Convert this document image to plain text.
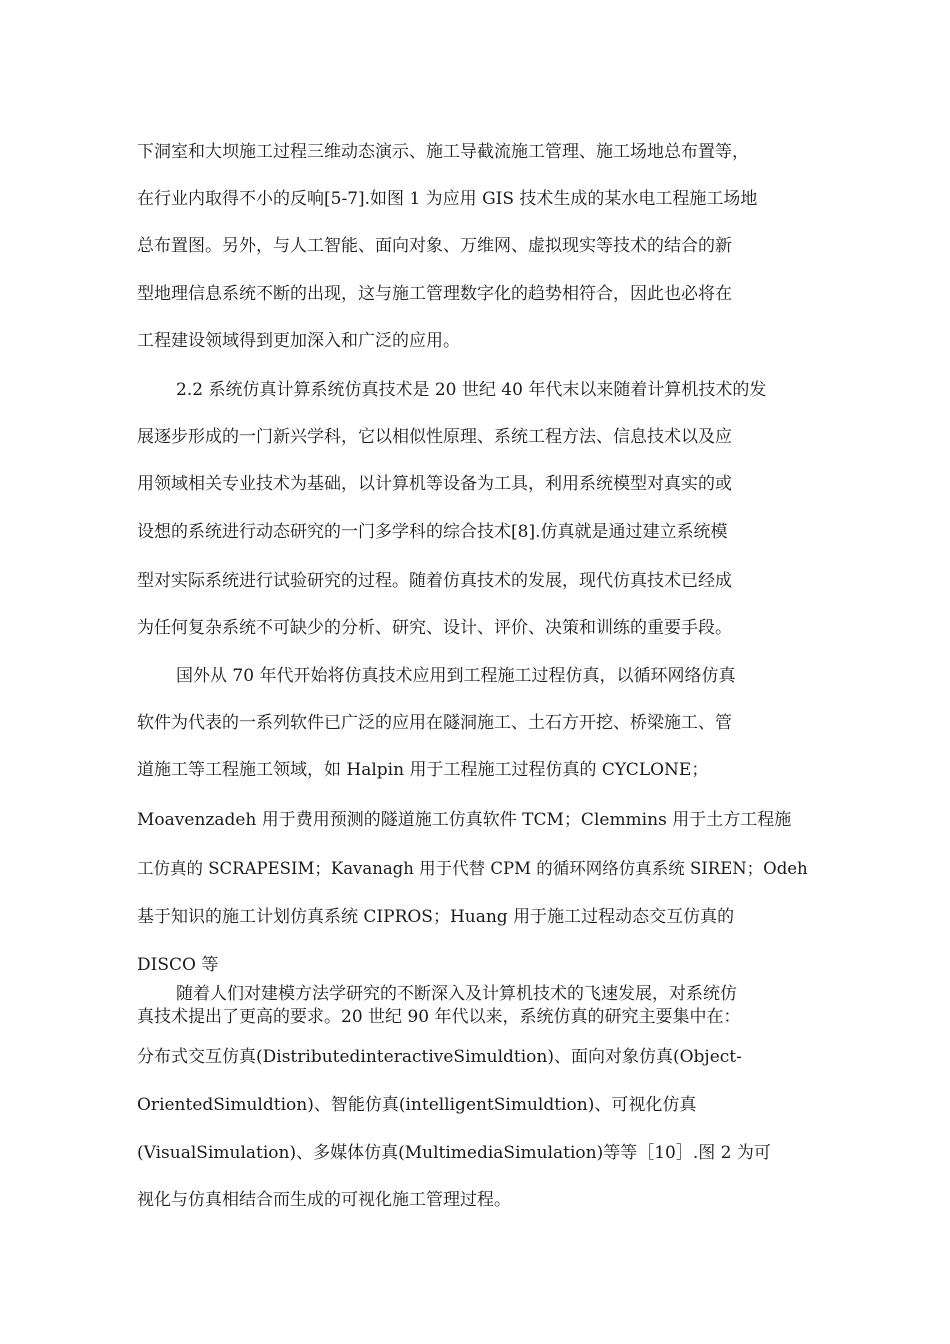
下洞室和大坝施工过程三维动态演示、施工导截流施工管理、施工场地总布置等，
在行业内取得不小的反响[5-7].如图 1 为应用 GIS 技术生成的某水电工程施工场地
总布置图。另外，与人工智能、面向对象、万维网、虚拟现实等技术的结合的新
型地理信息系统不断的出现，这与施工管理数字化的趋势相符合，因此也必将在
工程建设领域得到更加深入和广泛的应用。
2.2 系统仿真计算系统仿真技术是 20 世纪 40 年代末以来随着计算机技术的发
展逐步形成的一门新兴学科，它以相似性原理、系统工程方法、信息技术以及应
用领域相关专业技术为基础，以计算机等设备为工具，利用系统模型对真实的或
设想的系统进行动态研究的一门多学科的综合技术[8].仿真就是通过建立系统模
型对实际系统进行试验研究的过程。随着仿真技术的发展，现代仿真技术已经成
为任何复杂系统不可缺少的分析、研究、设计、评价、决策和训练的重要手段。
国外从 70 年代开始将仿真技术应用到工程施工过程仿真，以循环网络仿真
软件为代表的一系列软件已广泛的应用在隧洞施工、土石方开挖、桥梁施工、管
道施工等工程施工领域，如 Halpin 用于工程施工过程仿真的 CYCLONE；
Moavenzadeh 用于费用预测的隧道施工仿真软件 TCM；Clemmins 用于土方工程施
工仿真的 SCRAPESIM；Kavanagh 用于代替 CPM 的循环网络仿真系统 SIREN；Odeh
基于知识的施工计划仿真系统 CIPROS；Huang 用于施工过程动态交互仿真的
DISCO 等
随着人们对建模方法学研究的不断深入及计算机技术的飞速发展，对系统仿
真技术提出了更高的要求。20 世纪 90 年代以来，系统仿真的研究主要集中在：
分布式交互仿真(DistributedinteractiveSimuldtion)、面向对象仿真(Object-
OrientedSimuldtion)、智能仿真(intelligentSimuldtion)、可视化仿真
(VisualSimulation)、多媒体仿真(MultimediaSimulation)等等［10］.图 2 为可
视化与仿真相结合而生成的可视化施工管理过程。
